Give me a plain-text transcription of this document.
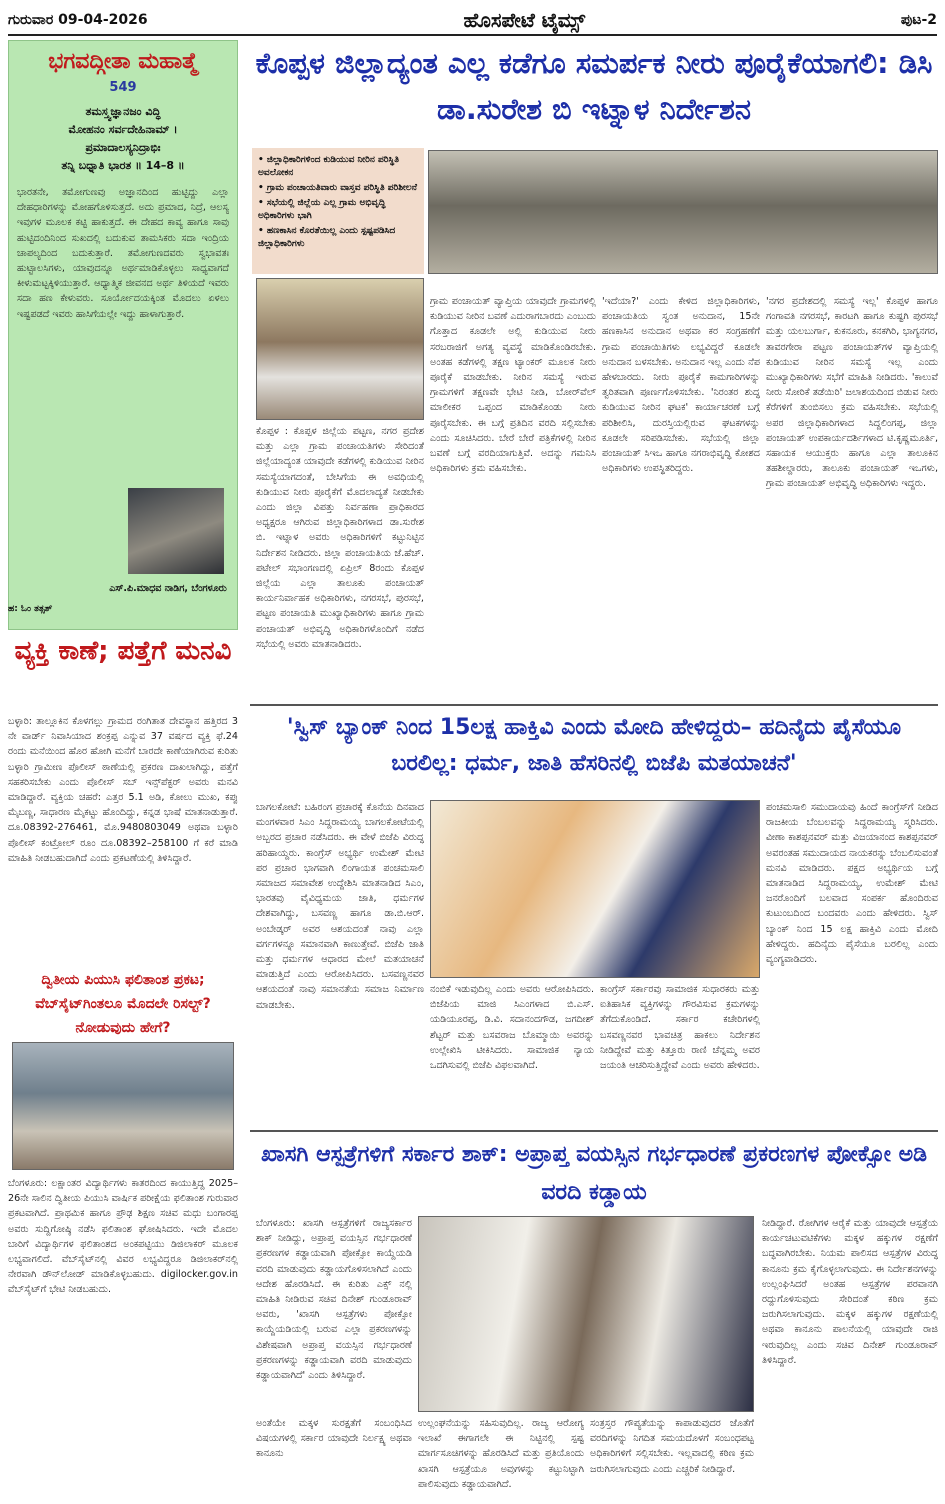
ಗುರುವಾರ 09-04-2026	ಹೊಸಪೇಟೆ ಟೈಮ್ಸ್	ಪುಟ-2
ಭಗವದ್ಗೀತಾ ಮಹಾತ್ಮೆ
549
ತಮಸ್ತ್ವಜ್ಞಾನಜಂ ವಿದ್ಧಿ
ಮೋಹನಂ ಸರ್ವದೇಹಿನಾಮ್ ।
ಪ್ರಮಾದಾಲಸ್ಯನಿದ್ರಾಭಿಃ
ತನ್ನಿ ಬಧ್ನಾತಿ ಭಾರತ ॥ 14–8 ॥
ಭಾರತನೇ, ತಮೋಗುಣವು ಅಜ್ಞಾನದಿಂದ ಹುಟ್ಟಿದ್ದು ಎಲ್ಲಾ ದೇಹಧಾರಿಗಳನ್ನು ಮೋಹಗೊಳಿಸುತ್ತದೆ. ಅದು ಪ್ರಮಾದ, ನಿದ್ರೆ, ಆಲಸ್ಯ ಇವುಗಳ ಮೂಲಕ ಕಟ್ಟಿ ಹಾಕುತ್ತದೆ. ಈ ದೇಹದ ಕಾವ್ಯ ಹಾಗೂ ಸಾವು ಹುಟ್ಟಿದಂದಿನಿಂದ ಸುಖದಲ್ಲಿ ಬದುಕುವ ತಾಮಸಿಕರು ಸದಾ ಇಂದ್ರಿಯ ಚಾಪಲ್ಯದಿಂದ ಬದುಕುತ್ತಾರೆ. ತಮೋಗುಣದವರು ಸ್ವಭಾವತಃ ಹುಟ್ಟಾಲಸಿಗಳು, ಯಾವುದನ್ನೂ ಅರ್ಥಮಾಡಿಕೊಳ್ಳಲು ಸಾಧ್ಯವಾಗದೆ ಕೀಳುಮಟ್ಟಕ್ಕಿಳಿಯುತ್ತಾರೆ. ಆಧ್ಯಾತ್ಮಿಕ ಜೀವನದ ಅರ್ಥ ತಿಳಿಯದೆ ಇವರು ಸದಾ ಹಣ ಕೇಳುವರು. ಸೂರ್ಯೋದಯಕ್ಕಿಂತ ಮೊದಲು ಏಳಲು ಇಷ್ಟಪಡದೆ ಇವರು ಹಾಸಿಗೆಯಲ್ಲೇ ಇದ್ದು ಹಾಳಾಗುತ್ತಾರೆ.
ಎಸ್.ಪಿ.ಮಾಧವ ನಾಡಿಗ, ಬೆಂಗಳೂರು
ಹ: ಓಂ ತತ್ಸತ್
ವ್ಯಕ್ತಿ ಕಾಣೆ; ಪತ್ತೆಗೆ ಮನವಿ
ಬಳ್ಳಾರಿ: ತಾಲ್ಲೂಕಿನ ಕೊಳಗಲ್ಲು ಗ್ರಾಮದ ರಂಗಿತಾತ ದೇವಸ್ಥಾನ ಹತ್ತಿರದ 3 ನೇ ವಾರ್ಡ್ ನಿವಾಸಿಯಾದ ಶಂಕ್ರಪ್ಪ ಎನ್ನುವ 37 ವರ್ಷದ ವ್ಯಕ್ತಿ ಫೆ.24 ರಂದು ಮನೆಯಿಂದ ಹೊರ ಹೋಗಿ ಮನೆಗೆ ಬಾರದೇ ಕಾಣೆಯಾಗಿರುವ ಕುರಿತು ಬಳ್ಳಾರಿ ಗ್ರಾಮೀಣ ಪೊಲೀಸ್ ಠಾಣೆಯಲ್ಲಿ ಪ್ರಕರಣ ದಾಖಲಾಗಿದ್ದು, ಪತ್ತೆಗೆ ಸಹಕರಿಸಬೇಕು ಎಂದು ಪೊಲೀಸ್ ಸಬ್ ಇನ್ಸ್‌ಪೆಕ್ಟರ್ ಅವರು ಮನವಿ ಮಾಡಿದ್ದಾರೆ. ವ್ಯಕ್ತಿಯ ಚಹರೆ: ಎತ್ತರ 5.1 ಅಡಿ, ಕೋಲು ಮುಖ, ಕಪ್ಪು ಮೈಬಣ್ಣ, ಸಾಧಾರಣ ಮೈಕಟ್ಟು ಹೊಂದಿದ್ದು, ಕನ್ನಡ ಭಾಷೆ ಮಾತನಾಡುತ್ತಾರೆ. ದೂ.08392-276461, ಮೊ.9480803049 ಅಥವಾ ಬಳ್ಳಾರಿ ಪೊಲೀಸ್ ಕಂಟ್ರೋಲ್ ರೂಂ ದೂ.08392–258100 ಗೆ ಕರೆ ಮಾಡಿ ಮಾಹಿತಿ ನೀಡಬಹುದಾಗಿದೆ ಎಂದು ಪ್ರಕಟಣೆಯಲ್ಲಿ ತಿಳಿಸಿದ್ದಾರೆ.
ದ್ವಿತೀಯ ಪಿಯುಸಿ ಫಲಿತಾಂಶ ಪ್ರಕಟ; ವೆಬ್‌ಸೈಟ್‌ಗಿಂತಲೂ ಮೊದಲೇ ರಿಸಲ್ಟ್? ನೋಡುವುದು ಹೇಗೆ?
ಬೆಂಗಳೂರು: ಲಕ್ಷಾಂತರ ವಿದ್ಯಾರ್ಥಿಗಳು ಕಾತರದಿಂದ ಕಾಯುತ್ತಿದ್ದ 2025–26ನೇ ಸಾಲಿನ ದ್ವಿತೀಯ ಪಿಯುಸಿ ವಾರ್ಷಿಕ ಪರೀಕ್ಷೆಯ ಫಲಿತಾಂಶ ಗುರುವಾರ ಪ್ರಕಟವಾಗಿದೆ. ಪ್ರಾಥಮಿಕ ಹಾಗೂ ಪ್ರೌಢ ಶಿಕ್ಷಣ ಸಚಿವ ಮಧು ಬಂಗಾರಪ್ಪ ಅವರು ಸುದ್ದಿಗೋಷ್ಠಿ ನಡೆಸಿ ಫಲಿತಾಂಶ ಘೋಷಿಸಿದರು. ಇದೇ ಮೊದಲ ಬಾರಿಗೆ ವಿದ್ಯಾರ್ಥಿಗಳ ಫಲಿತಾಂಶದ ಅಂಕಪಟ್ಟಿಯು ಡಿಜಿಲಾಕರ್ ಮೂಲಕ ಲಭ್ಯವಾಗಲಿದೆ. ವೆಬ್‌ಸೈಟ್‌ನಲ್ಲಿ ವಿವರ ಲಭ್ಯವಿದ್ದರೂ ಡಿಜಿಲಾಕರ್‌ನಲ್ಲಿ ನೇರವಾಗಿ ಡೌನ್‌ಲೋಡ್ ಮಾಡಿಕೊಳ್ಳಬಹುದು. digilocker.gov.in ವೆಬ್‌ಸೈಟ್‌ಗೆ ಭೇಟಿ ನೀಡಬಹುದು.
ಕೊಪ್ಪಳ ಜಿಲ್ಲಾದ್ಯಂತ ಎಲ್ಲ ಕಡೆಗೂ ಸಮರ್ಪಕ ನೀರು ಪೂರೈಕೆಯಾಗಲಿ: ಡಿಸಿ ಡಾ.ಸುರೇಶ ಬಿ ಇಟ್ನಾಳ ನಿರ್ದೇಶನ
• ಜಿಲ್ಲಾಧಿಕಾರಿಗಳಿಂದ ಕುಡಿಯುವ ನೀರಿನ ಪರಿಸ್ಥಿತಿ ಅವಲೋಕನ
• ಗ್ರಾಮ ಪಂಚಾಯತಿವಾರು ವಾಸ್ತವ ಪರಿಸ್ಥಿತಿ ಪರಿಶೀಲನೆ
• ಸಭೆಯಲ್ಲಿ ಜಿಲ್ಲೆಯ ಎಲ್ಲ ಗ್ರಾಮ ಅಭಿವೃದ್ಧಿ ಅಧಿಕಾರಿಗಳು ಭಾಗಿ
• ಹಣಕಾಸಿನ ಕೊರತೆಯಿಲ್ಲ ಎಂದು ಸ್ಪಷ್ಟಪಡಿಸಿದ ಜಿಲ್ಲಾಧಿಕಾರಿಗಳು
ಕೊಪ್ಪಳ : ಕೊಪ್ಪಳ ಜಿಲ್ಲೆಯ ಪಟ್ಟಣ, ನಗರ ಪ್ರದೇಶ ಮತ್ತು ಎಲ್ಲಾ ಗ್ರಾಮ ಪಂಚಾಯತಿಗಳು ಸೇರಿದಂತೆ ಜಿಲ್ಲೆಯಾದ್ಯಂತ ಯಾವುದೇ ಕಡೆಗಳಲ್ಲಿ ಕುಡಿಯುವ ನೀರಿನ ಸಮಸ್ಯೆಯಾಗದಂತೆ, ಬೇಸಿಗೆಯ ಈ ಅವಧಿಯಲ್ಲಿ ಕುಡಿಯುವ ನೀರು ಪೂರೈಕೆಗೆ ಮೊದಲಾದ್ಯತೆ ನೀಡಬೇಕು ಎಂದು ಜಿಲ್ಲಾ ವಿಪತ್ತು ನಿರ್ವಹಣಾ ಪ್ರಾಧಿಕಾರದ ಅಧ್ಯಕ್ಷರೂ ಆಗಿರುವ ಜಿಲ್ಲಾಧಿಕಾರಿಗಳಾದ ಡಾ.ಸುರೇಶ ಬಿ. ಇಟ್ನಾಳ ಅವರು ಅಧಿಕಾರಿಗಳಿಗೆ ಕಟ್ಟುನಿಟ್ಟಿನ ನಿರ್ದೇಶನ ನೀಡಿದರು. ಜಿಲ್ಲಾ ಪಂಚಾಯತಿಯ ಜೆ.ಹೆಚ್. ಪಟೇಲ್ ಸಭಾಂಗಣದಲ್ಲಿ ಏಪ್ರಿಲ್ 8ರಂದು ಕೊಪ್ಪಳ ಜಿಲ್ಲೆಯ ಎಲ್ಲಾ ತಾಲೂಕು ಪಂಚಾಯತ್ ಕಾರ್ಯನಿರ್ವಾಹಕ ಅಧಿಕಾರಿಗಳು, ನಗರಸಭೆ, ಪುರಸಭೆ, ಪಟ್ಟಣ ಪಂಚಾಯತಿ ಮುಖ್ಯಾಧಿಕಾರಿಗಳು ಹಾಗೂ ಗ್ರಾಮ ಪಂಚಾಯತ್ ಅಭಿವೃದ್ಧಿ ಅಧಿಕಾರಿಗಳೊಂದಿಗೆ ನಡೆದ ಸಭೆಯಲ್ಲಿ ಅವರು ಮಾತನಾಡಿದರು.
ಗ್ರಾಮ ಪಂಚಾಯತ್ ವ್ಯಾಪ್ತಿಯ ಯಾವುದೇ ಗ್ರಾಮಗಳಲ್ಲಿ ಕುಡಿಯುವ ನೀರಿನ ಬವಣೆ ಎದುರಾಗಬಾರದು ಎಂಬುದು ಗೊತ್ತಾದ ಕೂಡಲೇ ಅಲ್ಲಿ ಕುಡಿಯುವ ನೀರು ಸರಬರಾಜಿಗೆ ಅಗತ್ಯ ವ್ಯವಸ್ಥೆ ಮಾಡಿಕೊಂಡಿರಬೇಕು. ಅಂತಹ ಕಡೆಗಳಲ್ಲಿ ತಕ್ಷಣ ಟ್ಯಾಂಕರ್ ಮೂಲಕ ನೀರು ಪೂರೈಕೆ ಮಾಡಬೇಕು. ನೀರಿನ ಸಮಸ್ಯೆ ಇರುವ ಗ್ರಾಮಗಳಿಗೆ ತಕ್ಷಣವೇ ಭೇಟಿ ನೀಡಿ, ಬೋರ್‌ವೆಲ್ ಮಾಲೀಕರ ಒಪ್ಪಂದ ಮಾಡಿಕೊಂಡು ನೀರು ಪೂರೈಸಬೇಕು. ಈ ಬಗ್ಗೆ ಪ್ರತಿದಿನ ವರದಿ ಸಲ್ಲಿಸಬೇಕು ಎಂದು ಸೂಚಿಸಿದರು. ಬೇರೆ ಬೇರೆ ಪತ್ರಿಕೆಗಳಲ್ಲಿ ನೀರಿನ ಬವಣೆ ಬಗ್ಗೆ ವರದಿಯಾಗುತ್ತಿವೆ. ಅದನ್ನು ಗಮನಿಸಿ ಅಧಿಕಾರಿಗಳು ಕ್ರಮ ವಹಿಸಬೇಕು.
'ಇದೆಯಾ?' ಎಂದು ಕೇಳಿದ ಜಿಲ್ಲಾಧಿಕಾರಿಗಳು, ಪಂಚಾಯತಿಯ ಸ್ವಂತ ಅನುದಾನ, 15ನೇ ಹಣಕಾಸಿನ ಅನುದಾನ ಅಥವಾ ಕರ ಸಂಗ್ರಹಣೆಗೆ ಗ್ರಾಮ ಪಂಚಾಯಿತಿಗಳು ಲಭ್ಯವಿದ್ದರೆ ಕೂಡಲೇ ಅನುದಾನ ಬಳಸಬೇಕು. ಅನುದಾನ ಇಲ್ಲ ಎಂದು ನೆಪ ಹೇಳಬಾರದು. ನೀರು ಪೂರೈಕೆ ಕಾಮಗಾರಿಗಳನ್ನು ತ್ವರಿತವಾಗಿ ಪೂರ್ಣಗೊಳಿಸಬೇಕು. 'ನಿರಂತರ ಶುದ್ಧ ಕುಡಿಯುವ ನೀರಿನ ಘಟಕ' ಕಾರ್ಯಾಚರಣೆ ಬಗ್ಗೆ ಪರಿಶೀಲಿಸಿ, ದುರಸ್ತಿಯಲ್ಲಿರುವ ಘಟಕಗಳನ್ನು ಕೂಡಲೇ ಸರಿಪಡಿಸಬೇಕು. ಸಭೆಯಲ್ಲಿ ಜಿಲ್ಲಾ ಪಂಚಾಯತ್ ಸಿಇಒ ಹಾಗೂ ನಗರಾಭಿವೃದ್ಧಿ ಕೋಶದ ಅಧಿಕಾರಿಗಳು ಉಪಸ್ಥಿತರಿದ್ದರು.
'ನಗರ ಪ್ರದೇಶದಲ್ಲಿ ಸಮಸ್ಯೆ ಇಲ್ಲ' ಕೊಪ್ಪಳ ಹಾಗೂ ಗಂಗಾವತಿ ನಗರಸಭೆ, ಕಾರಟಗಿ ಹಾಗೂ ಕುಷ್ಟಗಿ ಪುರಸಭೆ ಮತ್ತು ಯಲಬುರ್ಗಾ, ಕುಕನೂರು, ಕನಕಗಿರಿ, ಭಾಗ್ಯನಗರ, ತಾವರಗೇರಾ ಪಟ್ಟಣ ಪಂಚಾಯತ್‌ಗಳ ವ್ಯಾಪ್ತಿಯಲ್ಲಿ ಕುಡಿಯುವ ನೀರಿನ ಸಮಸ್ಯೆ ಇಲ್ಲ ಎಂದು ಮುಖ್ಯಾಧಿಕಾರಿಗಳು ಸಭೆಗೆ ಮಾಹಿತಿ ನೀಡಿದರು. 'ಕಾಲುವೆ ನೀರು ಸೋರಿಕೆ ತಡೆಯಿರಿ' ಜಲಾಶಯದಿಂದ ಬಿಡುವ ನೀರು ಕೆರೆಗಳಿಗೆ ತುಂಬಿಸಲು ಕ್ರಮ ವಹಿಸಬೇಕು. ಸಭೆಯಲ್ಲಿ ಅಪರ ಜಿಲ್ಲಾಧಿಕಾರಿಗಳಾದ ಸಿದ್ದಲಿಂಗಪ್ಪ, ಜಿಲ್ಲಾ ಪಂಚಾಯತ್ ಉಪಕಾರ್ಯದರ್ಶಿಗಳಾದ ಟಿ.ಕೃಷ್ಣಮೂರ್ತಿ, ಸಹಾಯಕ ಆಯುಕ್ತರು ಹಾಗೂ ಎಲ್ಲಾ ತಾಲೂಕಿನ ತಹಶೀಲ್ದಾರರು, ತಾಲೂಕು ಪಂಚಾಯತ್ ಇಒಗಳು, ಗ್ರಾಮ ಪಂಚಾಯತ್ ಅಭಿವೃದ್ಧಿ ಅಧಿಕಾರಿಗಳು ಇದ್ದರು.
'ಸ್ವಿಸ್ ಬ್ಯಾಂಕ್ ನಿಂದ 15ಲಕ್ಷ ಹಾಕ್ತಿವಿ ಎಂದು ಮೋದಿ ಹೇಳಿದ್ದರು– ಹದಿನೈದು ಪೈಸೆಯೂ ಬರಲಿಲ್ಲ: ಧರ್ಮ, ಜಾತಿ ಹೆಸರಿನಲ್ಲಿ ಬಿಜೆಪಿ ಮತಯಾಚನೆ'
ಬಾಗಲಕೋಟೆ: ಬಹಿರಂಗ ಪ್ರಚಾರಕ್ಕೆ ಕೊನೆಯ ದಿನವಾದ ಮಂಗಳವಾರ ಸಿಎಂ ಸಿದ್ದರಾಮಯ್ಯ ಬಾಗಲಕೋಟೆಯಲ್ಲಿ ಅಬ್ಬರದ ಪ್ರಚಾರ ನಡೆಸಿದರು. ಈ ವೇಳೆ ಬಿಜೆಪಿ ವಿರುದ್ಧ ಹರಿಹಾಯ್ದರು. ಕಾಂಗ್ರೆಸ್ ಅಭ್ಯರ್ಥಿ ಉಮೇಶ್ ಮೇಟಿ ಪರ ಪ್ರಚಾರ ಭಾಗವಾಗಿ ಲಿಂಗಾಯತ ಪಂಚಮಸಾಲಿ ಸಮಾಜದ ಸಮಾವೇಶ ಉದ್ದೇಶಿಸಿ ಮಾತನಾಡಿದ ಸಿಎಂ, ಭಾರತವು ವೈವಿಧ್ಯಮಯ ಜಾತಿ, ಧರ್ಮಗಳ ದೇಶವಾಗಿದ್ದು, ಬಸವಣ್ಣ ಹಾಗೂ ಡಾ.ಬಿ.ಆರ್. ಅಂಬೇಡ್ಕರ್ ಅವರ ಆಶಯದಂತೆ ನಾವು ಎಲ್ಲಾ ವರ್ಗಗಳನ್ನೂ ಸಮಾನವಾಗಿ ಕಾಣುತ್ತೇವೆ. ಬಿಜೆಪಿ ಜಾತಿ ಮತ್ತು ಧರ್ಮಗಳ ಆಧಾರದ ಮೇಲೆ ಮತಯಾಚನೆ ಮಾಡುತ್ತಿದೆ ಎಂದು ಆರೋಪಿಸಿದರು. ಬಸವಣ್ಣನವರ ಆಶಯದಂತೆ ನಾವು ಸಮಾನತೆಯ ಸಮಾಜ ನಿರ್ಮಾಣ ಮಾಡಬೇಕು.
ನಂಬಿಕೆ ಇಡುವುದಿಲ್ಲ ಎಂದು ಅವರು ಆರೋಪಿಸಿದರು. ಬಿಜೆಪಿಯ ಮಾಜಿ ಸಿಎಂಗಳಾದ ಬಿ.ಎಸ್. ಯಡಿಯೂರಪ್ಪ, ಡಿ.ವಿ. ಸದಾನಂದಗೌಡ, ಜಗದೀಶ್ ಶೆಟ್ಟರ್ ಮತ್ತು ಬಸವರಾಜ ಬೊಮ್ಮಾಯಿ ಅವರನ್ನು ಉಲ್ಲೇಖಿಸಿ ಟೀಕಿಸಿದರು. ಸಾಮಾಜಿಕ ನ್ಯಾಯ ಒದಗಿಸುವಲ್ಲಿ ಬಿಜೆಪಿ ವಿಫಲವಾಗಿದೆ.
ಕಾಂಗ್ರೆಸ್ ಸರ್ಕಾರವು ಸಾಮಾಜಿಕ ಸುಧಾರಕರು ಮತ್ತು ಐತಿಹಾಸಿಕ ವ್ಯಕ್ತಿಗಳನ್ನು ಗೌರವಿಸುವ ಕ್ರಮಗಳನ್ನು ತೆಗೆದುಕೊಂಡಿದೆ. ಸರ್ಕಾರ ಕಚೇರಿಗಳಲ್ಲಿ ಬಸವಣ್ಣನವರ ಭಾವಚಿತ್ರ ಹಾಕಲು ನಿರ್ದೇಶನ ನೀಡಿದ್ದೇವೆ ಮತ್ತು ಕಿತ್ತೂರು ರಾಣಿ ಚೆನ್ನಮ್ಮ ಅವರ ಜಯಂತಿ ಆಚರಿಸುತ್ತಿದ್ದೇವೆ ಎಂದು ಅವರು ಹೇಳಿದರು.
ಪಂಚಮಸಾಲಿ ಸಮುದಾಯವು ಹಿಂದೆ ಕಾಂಗ್ರೆಸ್‌ಗೆ ನೀಡಿದ ರಾಜಕೀಯ ಬೆಂಬಲವನ್ನು ಸಿದ್ದರಾಮಯ್ಯ ಸ್ಮರಿಸಿದರು. ವೀಣಾ ಕಾಶಪ್ಪನವರ್ ಮತ್ತು ವಿಜಯಾನಂದ ಕಾಶಪ್ಪನವರ್ ಅವರಂತಹ ಸಮುದಾಯದ ನಾಯಕರನ್ನು ಬೆಂಬಲಿಸುವಂತೆ ಮನವಿ ಮಾಡಿದರು. ಪಕ್ಷದ ಅಭ್ಯರ್ಥಿಯ ಬಗ್ಗೆ ಮಾತನಾಡಿದ ಸಿದ್ದರಾಮಯ್ಯ, ಉಮೇಶ್ ಮೇಟಿ ಜನರೊಂದಿಗೆ ಬಲವಾದ ಸಂಪರ್ಕ ಹೊಂದಿರುವ ಕುಟುಂಬದಿಂದ ಬಂದವರು ಎಂದು ಹೇಳಿದರು. ಸ್ವಿಸ್ ಬ್ಯಾಂಕ್ ನಿಂದ 15 ಲಕ್ಷ ಹಾಕ್ತಿವಿ ಎಂದು ಮೋದಿ ಹೇಳಿದ್ದರು. ಹದಿನೈದು ಪೈಸೆಯೂ ಬರಲಿಲ್ಲ ಎಂದು ವ್ಯಂಗ್ಯವಾಡಿದರು.
ಖಾಸಗಿ ಆಸ್ಪತ್ರೆಗಳಿಗೆ ಸರ್ಕಾರ ಶಾಕ್: ಅಪ್ರಾಪ್ತ ವಯಸ್ಸಿನ ಗರ್ಭಧಾರಣೆ ಪ್ರಕರಣಗಳ ಪೋಕ್ಸೋ ಅಡಿ ವರದಿ ಕಡ್ಡಾಯ
ಬೆಂಗಳೂರು: ಖಾಸಗಿ ಆಸ್ಪತ್ರೆಗಳಿಗೆ ರಾಜ್ಯಸರ್ಕಾರ ಶಾಕ್ ನೀಡಿದ್ದು, ಅಪ್ರಾಪ್ತ ವಯಸ್ಸಿನ ಗರ್ಭಧಾರಣೆ ಪ್ರಕರಣಗಳ ಕಡ್ಡಾಯವಾಗಿ ಪೋಕ್ಸೋ ಕಾಯ್ದೆಯಡಿ ವರದಿ ಮಾಡುವುದು ಕಡ್ಡಾಯಗೊಳಿಸಲಾಗಿದೆ ಎಂದು ಆದೇಶ ಹೊರಡಿಸಿದೆ. ಈ ಕುರಿತು ಎಕ್ಸ್ ನಲ್ಲಿ ಮಾಹಿತಿ ನೀಡಿರುವ ಸಚಿವ ದಿನೇಶ್ ಗುಂಡೂರಾವ್ ಅವರು, 'ಖಾಸಗಿ ಆಸ್ಪತ್ರೆಗಳು ಪೋಕ್ಸೋ ಕಾಯ್ದೆಯಡಿಯಲ್ಲಿ ಬರುವ ಎಲ್ಲಾ ಪ್ರಕರಣಗಳನ್ನು ವಿಶೇಷವಾಗಿ ಅಪ್ರಾಪ್ತ ವಯಸ್ಸಿನ ಗರ್ಭಧಾರಣೆ ಪ್ರಕರಣಗಳನ್ನು ಕಡ್ಡಾಯವಾಗಿ ವರದಿ ಮಾಡುವುದು ಕಡ್ಡಾಯವಾಗಿದೆ' ಎಂದು ತಿಳಿಸಿದ್ದಾರೆ.
ಅಂತೆಯೇ ಮಕ್ಕಳ ಸುರಕ್ಷತೆಗೆ ಸಂಬಂಧಿಸಿದ ವಿಷಯಗಳಲ್ಲಿ ಸರ್ಕಾರ ಯಾವುದೇ ನಿರ್ಲಕ್ಷ್ಯ ಅಥವಾ ಕಾನೂನು
ಉಲ್ಲಂಘನೆಯನ್ನು ಸಹಿಸುವುದಿಲ್ಲ. ರಾಜ್ಯ ಆರೋಗ್ಯ ಇಲಾಖೆ ಈಗಾಗಲೇ ಈ ನಿಟ್ಟಿನಲ್ಲಿ ಸ್ಪಷ್ಟ ಮಾರ್ಗಸೂಚಿಗಳನ್ನು ಹೊರಡಿಸಿದೆ ಮತ್ತು ಪ್ರತಿಯೊಂದು ಖಾಸಗಿ ಆಸ್ಪತ್ರೆಯೂ ಅವುಗಳನ್ನು ಕಟ್ಟುನಿಟ್ಟಾಗಿ ಪಾಲಿಸುವುದು ಕಡ್ಡಾಯವಾಗಿದೆ.
ಸಂತ್ರಸ್ತರ ಗೌಪ್ಯತೆಯನ್ನು ಕಾಪಾಡುವುದರ ಜೊತೆಗೆ ವರದಿಗಳನ್ನು ನಿಗದಿತ ಸಮಯದೊಳಗೆ ಸಂಬಂಧಪಟ್ಟ ಅಧಿಕಾರಿಗಳಿಗೆ ಸಲ್ಲಿಸಬೇಕು. ಇಲ್ಲವಾದಲ್ಲಿ ಕಠಿಣ ಕ್ರಮ ಜರುಗಿಸಲಾಗುವುದು ಎಂದು ಎಚ್ಚರಿಕೆ ನೀಡಿದ್ದಾರೆ.
ನೀಡಿದ್ದಾರೆ. ರೋಗಿಗಳ ಆರೈಕೆ ಮತ್ತು ಯಾವುದೇ ಆಸ್ಪತ್ರೆಯ ಕಾರ್ಯಚಟುವಟಿಕೆಗಳು ಮಕ್ಕಳ ಹಕ್ಕುಗಳ ರಕ್ಷಣೆಗೆ ಬದ್ಧವಾಗಿರಬೇಕು. ನಿಯಮ ಪಾಲಿಸದ ಆಸ್ಪತ್ರೆಗಳ ವಿರುದ್ಧ ಕಾನೂನು ಕ್ರಮ ಕೈಗೊಳ್ಳಲಾಗುವುದು. ಈ ನಿರ್ದೇಶನಗಳನ್ನು ಉಲ್ಲಂಘಿಸಿದರೆ ಅಂತಹ ಆಸ್ಪತ್ರೆಗಳ ಪರವಾನಗಿ ರದ್ದುಗೊಳಿಸುವುದು ಸೇರಿದಂತೆ ಕಠಿಣ ಕ್ರಮ ಜರುಗಿಸಲಾಗುವುದು. ಮಕ್ಕಳ ಹಕ್ಕುಗಳ ರಕ್ಷಣೆಯಲ್ಲಿ ಅಥವಾ ಕಾನೂನು ಪಾಲನೆಯಲ್ಲಿ ಯಾವುದೇ ರಾಜಿ ಇರುವುದಿಲ್ಲ ಎಂದು ಸಚಿವ ದಿನೇಶ್ ಗುಂಡೂರಾವ್ ತಿಳಿಸಿದ್ದಾರೆ.
